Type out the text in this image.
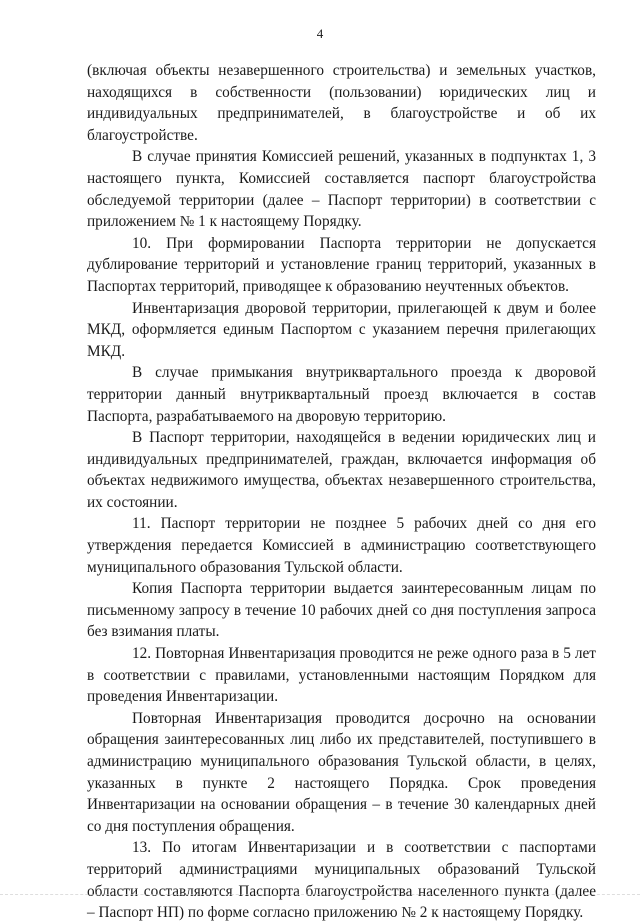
4

(включая объекты незавершенного строительства) и земельных участков, находящихся в собственности (пользовании) юридических лиц и индивидуальных предпринимателей, в благоустройстве и об их благоустройстве.

В случае принятия Комиссией решений, указанных в подпунктах 1, 3 настоящего пункта, Комиссией составляется паспорт благоустройства обследуемой территории (далее – Паспорт территории) в соответствии с приложением № 1 к настоящему Порядку.

10. При формировании Паспорта территории не допускается дублирование территорий и установление границ территорий, указанных в Паспортах территорий, приводящее к образованию неучтенных объектов.

Инвентаризация дворовой территории, прилегающей к двум и более МКД, оформляется единым Паспортом с указанием перечня прилегающих МКД.

В случае примыкания внутриквартального проезда к дворовой территории данный внутриквартальный проезд включается в состав Паспорта, разрабатываемого на дворовую территорию.

В Паспорт территории, находящейся в ведении юридических лиц и индивидуальных предпринимателей, граждан, включается информация об объектах недвижимого имущества, объектах незавершенного строительства, их состоянии.

11. Паспорт территории не позднее 5 рабочих дней со дня его утверждения передается Комиссией в администрацию соответствующего муниципального образования Тульской области.

Копия Паспорта территории выдается заинтересованным лицам по письменному запросу в течение 10 рабочих дней со дня поступления запроса без взимания платы.

12. Повторная Инвентаризация проводится не реже одного раза в 5 лет в соответствии с правилами, установленными настоящим Порядком для проведения Инвентаризации.

Повторная Инвентаризация проводится досрочно на основании обращения заинтересованных лиц либо их представителей, поступившего в администрацию муниципального образования Тульской области, в целях, указанных в пункте 2 настоящего Порядка. Срок проведения Инвентаризации на основании обращения – в течение 30 календарных дней со дня поступления обращения.

13. По итогам Инвентаризации и в соответствии с паспортами территорий администрациями муниципальных образований Тульской области составляются Паспорта благоустройства населенного пункта (далее – Паспорт НП) по форме согласно приложению № 2 к настоящему Порядку.
